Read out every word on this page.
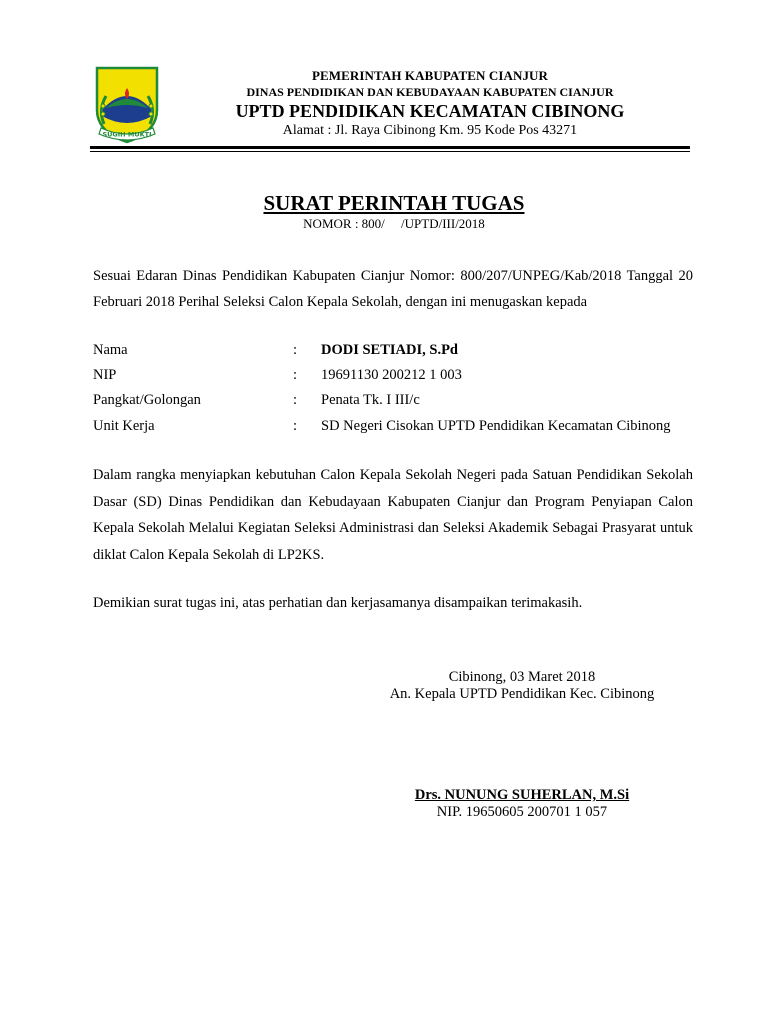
SUGIH MUKTI
PEMERINTAH KABUPATEN CIANJUR
DINAS PENDIDIKAN DAN KEBUDAYAAN KABUPATEN CIANJUR
UPTD PENDIDIKAN KECAMATAN CIBINONG
Alamat : Jl. Raya Cibinong Km. 95 Kode Pos 43271
SURAT PERINTAH TUGAS
NOMOR : 800/     /UPTD/III/2018
Sesuai Edaran Dinas Pendidikan Kabupaten Cianjur Nomor: 800/207/UNPEG/Kab/2018 Tanggal 20 Februari 2018 Perihal Seleksi Calon Kepala Sekolah, dengan ini menugaskan kepada
Nama	: DODI SETIADI, S.Pd
NIP	: 19691130 200212 1 003
Pangkat/Golongan	: Penata Tk. I III/c
Unit Kerja	: SD Negeri Cisokan UPTD Pendidikan Kecamatan Cibinong
Dalam rangka menyiapkan kebutuhan Calon Kepala Sekolah Negeri pada Satuan Pendidikan Sekolah Dasar (SD) Dinas Pendidikan dan Kebudayaan Kabupaten Cianjur dan Program Penyiapan Calon Kepala Sekolah Melalui Kegiatan Seleksi Administrasi dan Seleksi Akademik Sebagai Prasyarat untuk diklat Calon Kepala Sekolah di LP2KS.
Demikian surat tugas ini, atas perhatian dan kerjasamanya disampaikan terimakasih.
Cibinong, 03 Maret 2018
An. Kepala UPTD Pendidikan Kec. Cibinong
Drs. NUNUNG SUHERLAN, M.Si
NIP. 19650605 200701 1 057
